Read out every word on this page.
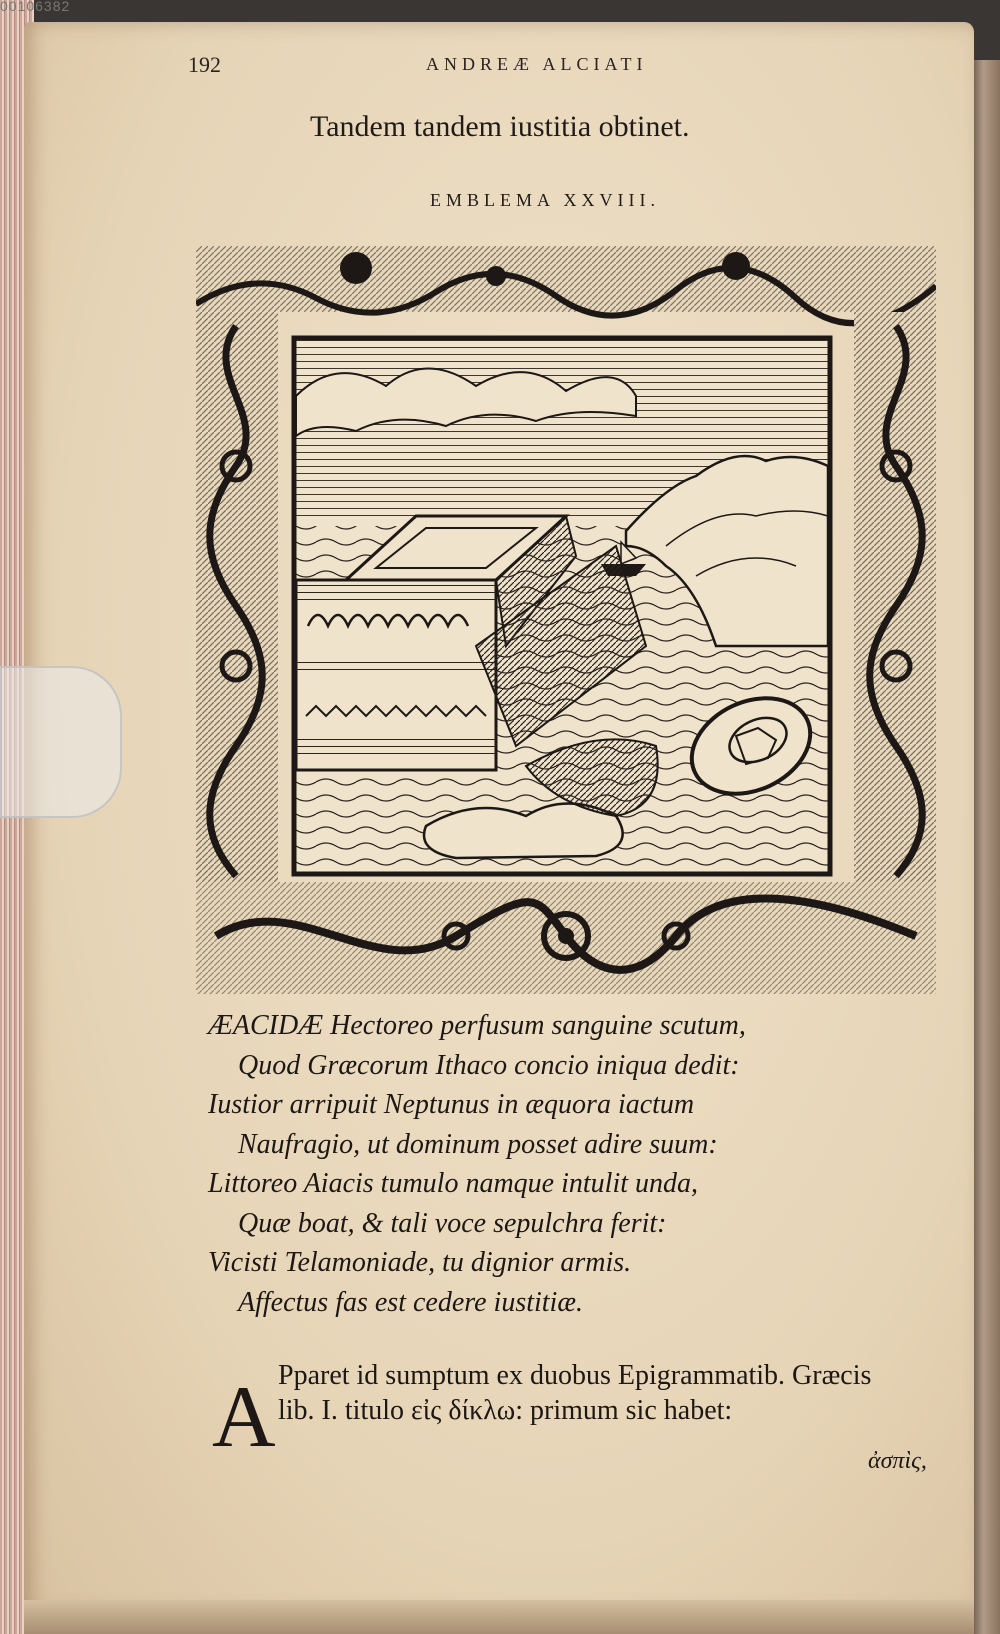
00106382
192	ANDREÆ ALCIATI
Tandem tandem iustitia obtinet.
EMBLEMA XXVIII.
ÆACIDÆ Hectoreo perfusum sanguine scutum,
Quod Græcorum Ithaco concio iniqua dedit:
Iustior arripuit Neptunus in æquora iactum
Naufragio, ut dominum posset adire suum:
Littoreo Aiacis tumulo namque intulit unda,
Quæ boat, & tali voce sepulchra ferit:
Vicisti Telamoniade, tu dignior armis.
Affectus fas est cedere iustitiæ.
A Pparet id sumptum ex duobus Epigrammatib. Græcis
lib. I. titulo εἰς δίκλω: primum sic habet:
ἀσπὶς,
